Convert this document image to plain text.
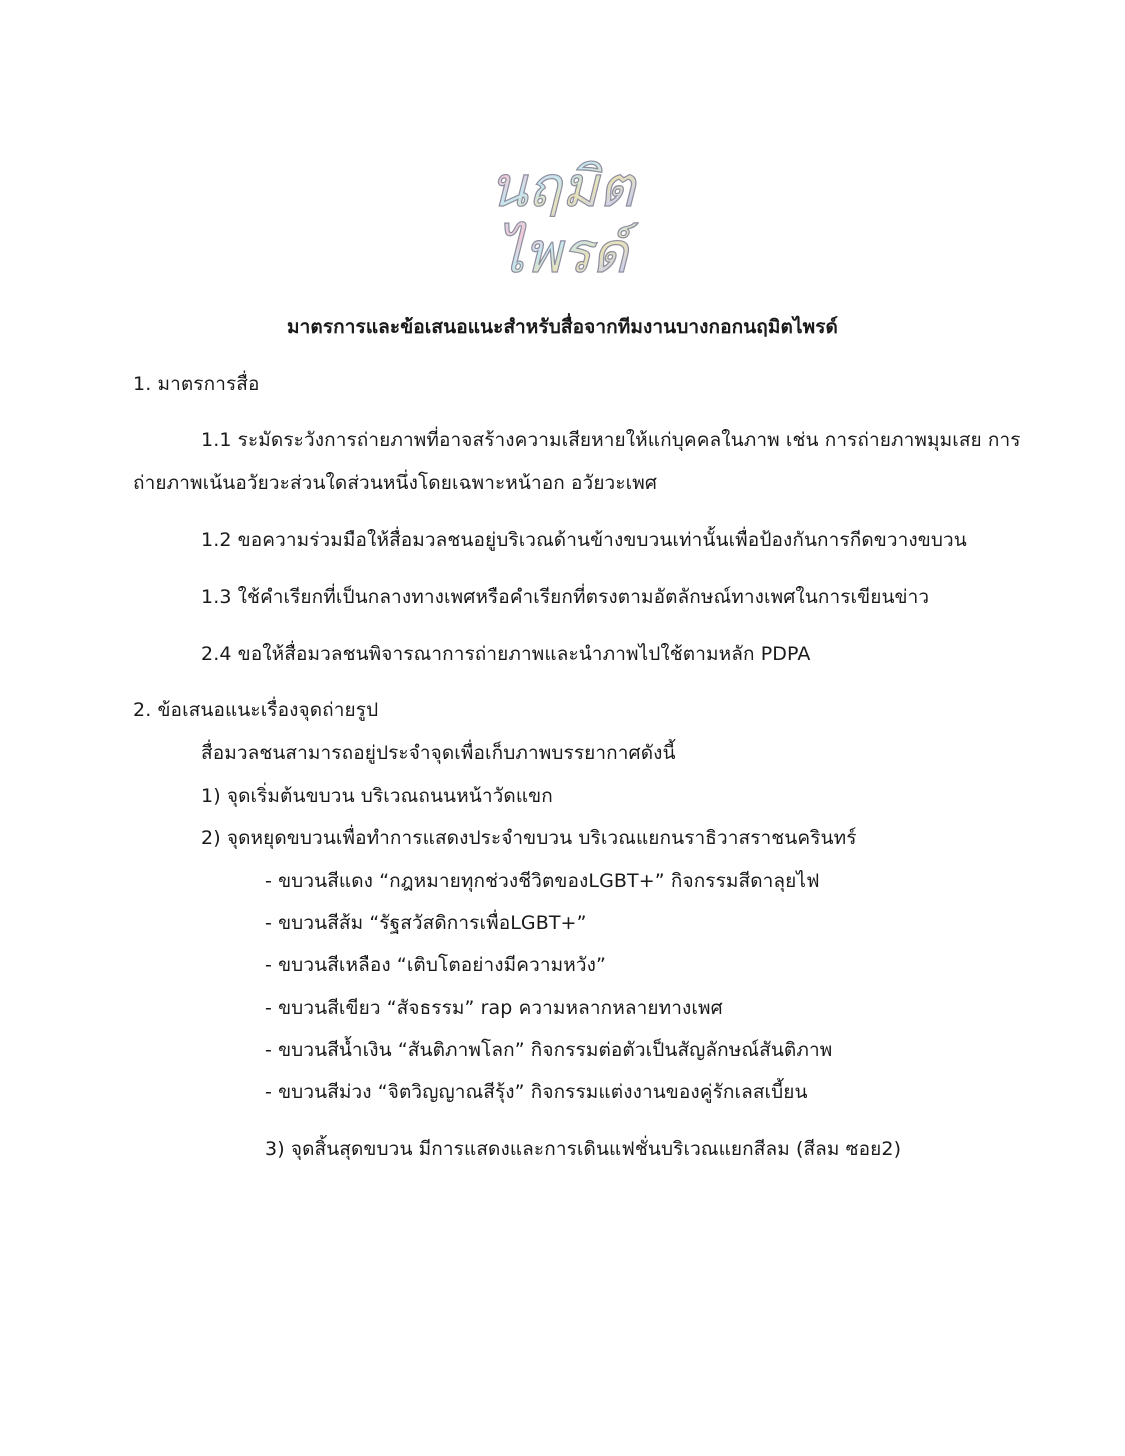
นฤมิต
ไพรด์
มาตรการและข้อเสนอแนะสำหรับสื่อจากทีมงานบางกอกนฤมิตไพรด์
1. มาตรการสื่อ
1.1 ระมัดระวังการถ่ายภาพที่อาจสร้างความเสียหายให้แก่บุคคลในภาพ เช่น การถ่ายภาพมุมเสย การ
ถ่ายภาพเน้นอวัยวะส่วนใดส่วนหนึ่งโดยเฉพาะหน้าอก อวัยวะเพศ
1.2 ขอความร่วมมือให้สื่อมวลชนอยู่บริเวณด้านข้างขบวนเท่านั้นเพื่อป้องกันการกีดขวางขบวน
1.3 ใช้คำเรียกที่เป็นกลางทางเพศหรือคำเรียกที่ตรงตามอัตลักษณ์ทางเพศในการเขียนข่าว
2.4 ขอให้สื่อมวลชนพิจารณาการถ่ายภาพและนำภาพไปใช้ตามหลัก PDPA
2. ข้อเสนอแนะเรื่องจุดถ่ายรูป
สื่อมวลชนสามารถอยู่ประจำจุดเพื่อเก็บภาพบรรยากาศดังนี้
1) จุดเริ่มต้นขบวน บริเวณถนนหน้าวัดแขก
2) จุดหยุดขบวนเพื่อทำการแสดงประจำขบวน บริเวณแยกนราธิวาสราชนครินทร์
- ขบวนสีแดง “กฎหมายทุกช่วงชีวิตของLGBT+” กิจกรรมสีดาลุยไฟ
- ขบวนสีส้ม “รัฐสวัสดิการเพื่อLGBT+”
- ขบวนสีเหลือง “เติบโตอย่างมีความหวัง”
- ขบวนสีเขียว “สัจธรรม” rap ความหลากหลายทางเพศ
- ขบวนสีน้ำเงิน “สันติภาพโลก” กิจกรรมต่อตัวเป็นสัญลักษณ์สันติภาพ
- ขบวนสีม่วง “จิตวิญญาณสีรุ้ง” กิจกรรมแต่งงานของคู่รักเลสเบี้ยน
3) จุดสิ้นสุดขบวน มีการแสดงและการเดินแฟชั่นบริเวณแยกสีลม (สีลม ซอย2)
